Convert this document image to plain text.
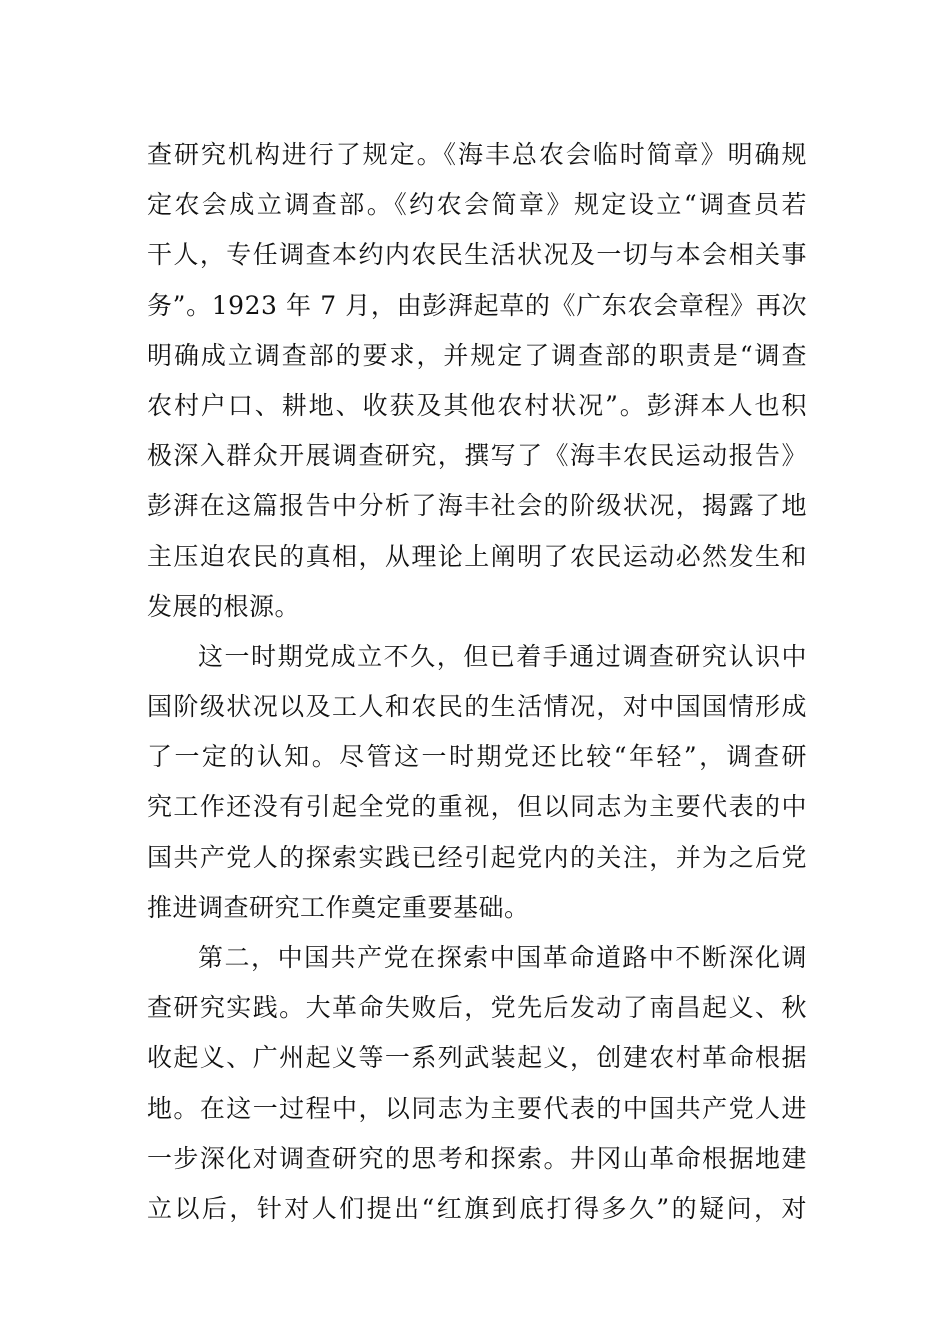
查研究机构进行了规定。《海丰总农会临时简章》明确规
定农会成立调查部。《约农会简章》规定设立“调查员若
干人，专任调查本约内农民生活状况及一切与本会相关事
务”。1923 年 7 月，由彭湃起草的《广东农会章程》再次
明确成立调查部的要求，并规定了调查部的职责是“调查
农村户口、耕地、收获及其他农村状况”。彭湃本人也积
极深入群众开展调查研究，撰写了《海丰农民运动报告》
彭湃在这篇报告中分析了海丰社会的阶级状况，揭露了地
主压迫农民的真相，从理论上阐明了农民运动必然发生和
发展的根源。

这一时期党成立不久，但已着手通过调查研究认识中
国阶级状况以及工人和农民的生活情况，对中国国情形成
了一定的认知。尽管这一时期党还比较“年轻”，调查研
究工作还没有引起全党的重视，但以同志为主要代表的中
国共产党人的探索实践已经引起党内的关注，并为之后党
推进调查研究工作奠定重要基础。

第二，中国共产党在探索中国革命道路中不断深化调
查研究实践。大革命失败后，党先后发动了南昌起义、秋
收起义、广州起义等一系列武装起义，创建农村革命根据
地。在这一过程中，以同志为主要代表的中国共产党人进
一步深化对调查研究的思考和探索。井冈山革命根据地建
立以后，针对人们提出“红旗到底打得多久”的疑问，对
